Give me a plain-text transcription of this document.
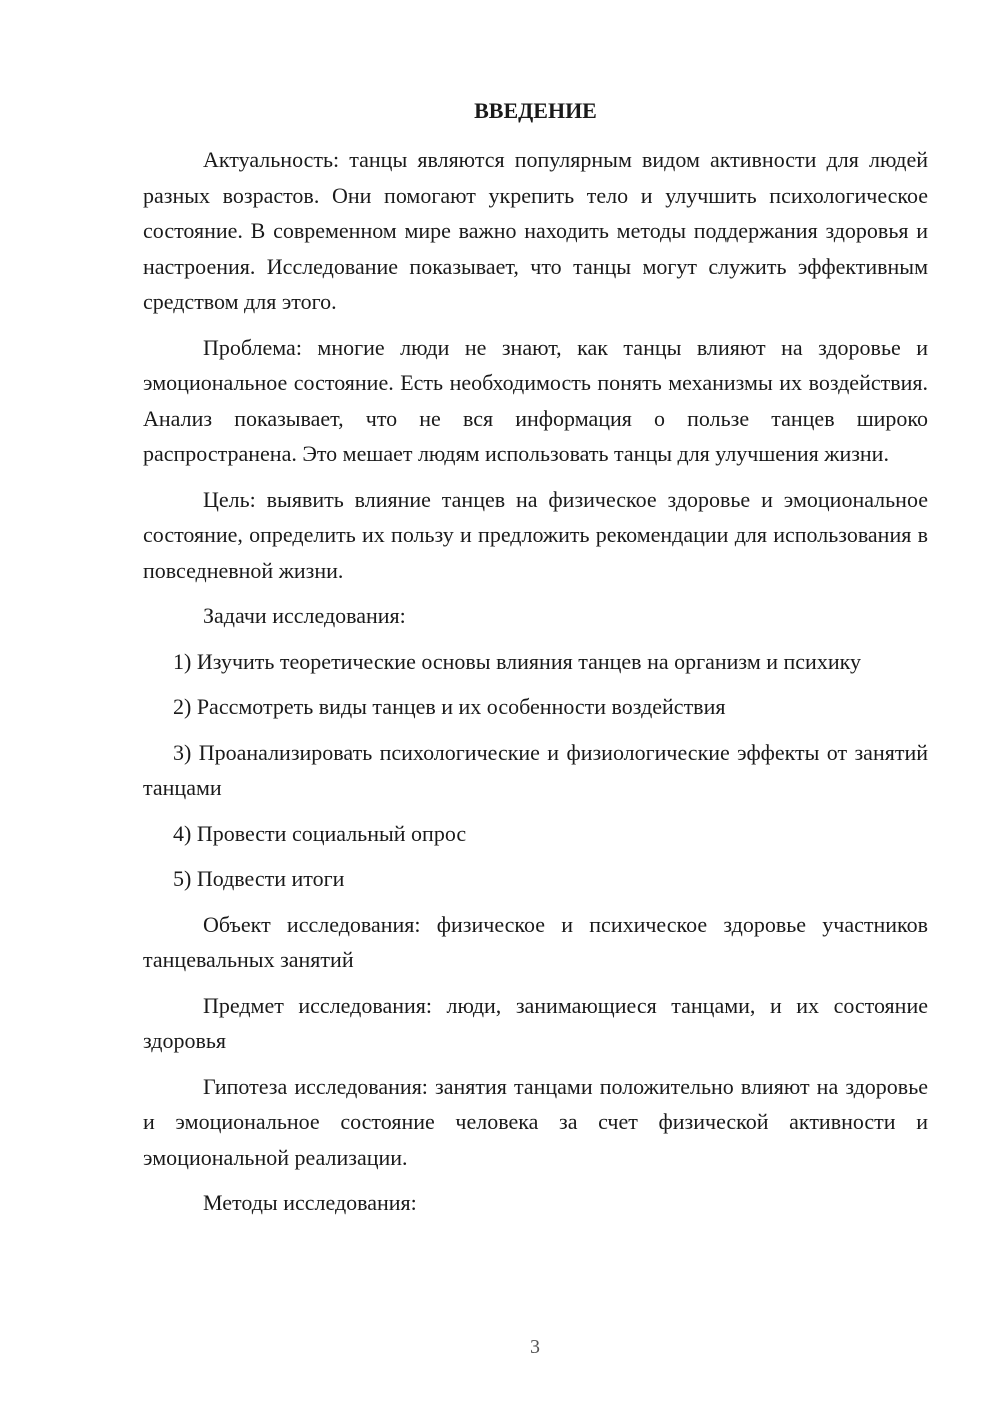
ВВЕДЕНИЕ

Актуальность: танцы являются популярным видом активности для людей разных возрастов. Они помогают укрепить тело и улучшить психологическое состояние. В современном мире важно находить методы поддержания здоровья и настроения. Исследование показывает, что танцы могут служить эффективным средством для этого.

Проблема: многие люди не знают, как танцы влияют на здоровье и эмоциональное состояние. Есть необходимость понять механизмы их воздействия. Анализ показывает, что не вся информация о пользе танцев широко распространена. Это мешает людям использовать танцы для улучшения жизни.

Цель: выявить влияние танцев на физическое здоровье и эмоциональное состояние, определить их пользу и предложить рекомендации для использования в повседневной жизни.

Задачи исследования:

1) Изучить теоретические основы влияния танцев на организм и психику

2) Рассмотреть виды танцев и их особенности воздействия

3) Проанализировать психологические и физиологические эффекты от занятий танцами

4) Провести социальный опрос

5) Подвести итоги

Объект исследования: физическое и психическое здоровье участников танцевальных занятий

Предмет исследования: люди, занимающиеся танцами, и их состояние здоровья

Гипотеза исследования: занятия танцами положительно влияют на здоровье и эмоциональное состояние человека за счет физической активности и эмоциональной реализации.

Методы исследования:

3
